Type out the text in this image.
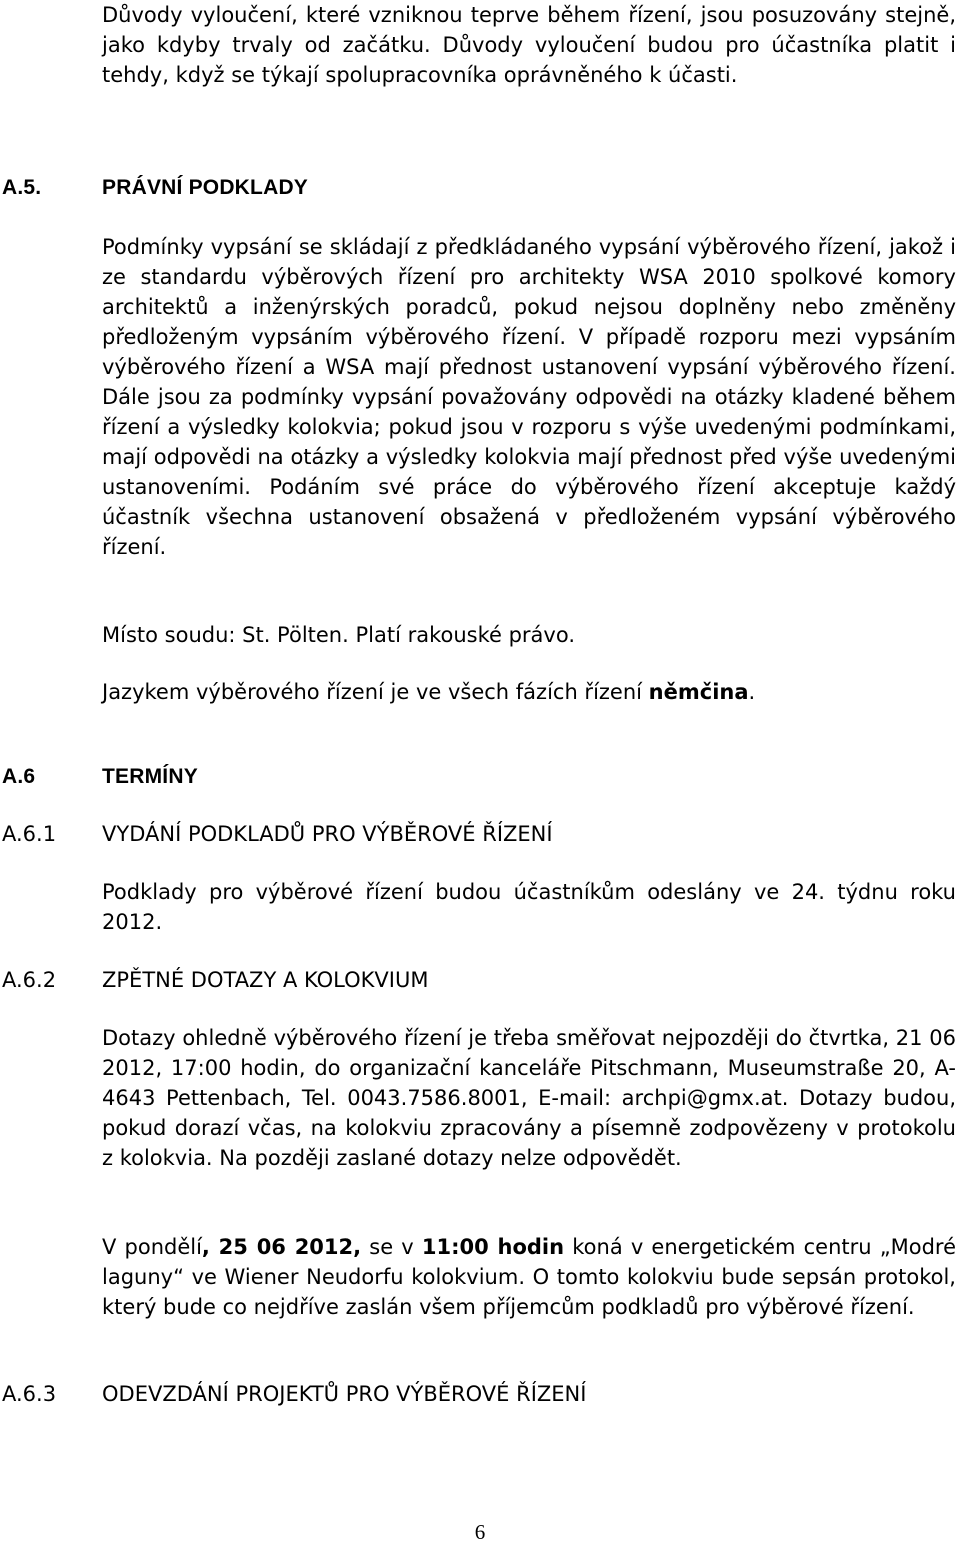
Důvody vyloučení, které vzniknou teprve během řízení, jsou posuzovány stejně, jako kdyby trvaly od začátku. Důvody vyloučení budou pro účastníka platit i tehdy, když se týkají spolupracovníka oprávněného k účasti.

A.5.	PRÁVNÍ PODKLADY

Podmínky vypsání se skládají z předkládaného vypsání výběrového řízení, jakož i ze standardu výběrových řízení pro architekty WSA 2010 spolkové komory architektů a inženýrských poradců, pokud nejsou doplněny nebo změněny předloženým vypsáním výběrového řízení. V případě rozporu mezi vypsáním výběrového řízení a WSA mají přednost ustanovení vypsání výběrového řízení. Dále jsou za podmínky vypsání považovány odpovědi na otázky kladené během řízení a výsledky kolokvia; pokud jsou v rozporu s výše uvedenými podmínkami, mají odpovědi na otázky a výsledky kolokvia mají přednost před výše uvedenými ustanoveními. Podáním své práce do výběrového řízení akceptuje každý účastník všechna ustanovení obsažená v předloženém vypsání výběrového řízení.

Místo soudu: St. Pölten. Platí rakouské právo.

Jazykem výběrového řízení je ve všech fázích řízení němčina.

A.6	TERMÍNY

A.6.1 VYDÁNÍ PODKLADŮ PRO VÝBĚROVÉ ŘÍZENÍ

Podklady pro výběrové řízení budou účastníkům odeslány ve 24. týdnu roku 2012.

A.6.2 ZPĚTNÉ DOTAZY A KOLOKVIUM

Dotazy ohledně výběrového řízení je třeba směřovat nejpozději do čtvrtka, 21 06 2012, 17:00 hodin, do organizační kanceláře Pitschmann, Museumstraße 20, A-4643 Pettenbach, Tel. 0043.7586.8001, E-mail: archpi@gmx.at. Dotazy budou, pokud dorazí včas, na kolokviu zpracovány a písemně zodpovězeny v protokolu z kolokvia. Na později zaslané dotazy nelze odpovědět.

V pondělí, 25 06 2012, se v 11:00 hodin koná v energetickém centru „Modré laguny“ ve Wiener Neudorfu kolokvium. O tomto kolokviu bude sepsán protokol, který bude co nejdříve zaslán všem příjemcům podkladů pro výběrové řízení.

A.6.3 ODEVZDÁNÍ PROJEKTŮ PRO VÝBĚROVÉ ŘÍZENÍ

6
